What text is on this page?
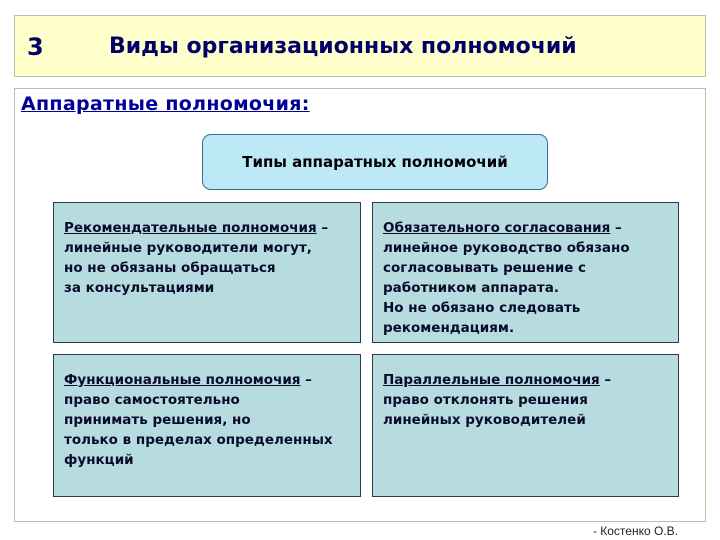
3	Виды организационных полномочий
Аппаратные полномочия:
Типы аппаратных полномочий
Рекомендательные полномочия –
линейные руководители могут,
но не обязаны обращаться
за консультациями
Обязательного согласования –
линейное руководство обязано
согласовывать решение с
работником аппарата.
Но не обязано следовать
рекомендациям.
Функциональные полномочия –
право самостоятельно
принимать решения, но
только в пределах определенных
функций
Параллельные полномочия –
право отклонять решения
линейных руководителей
- Костенко О.В.
